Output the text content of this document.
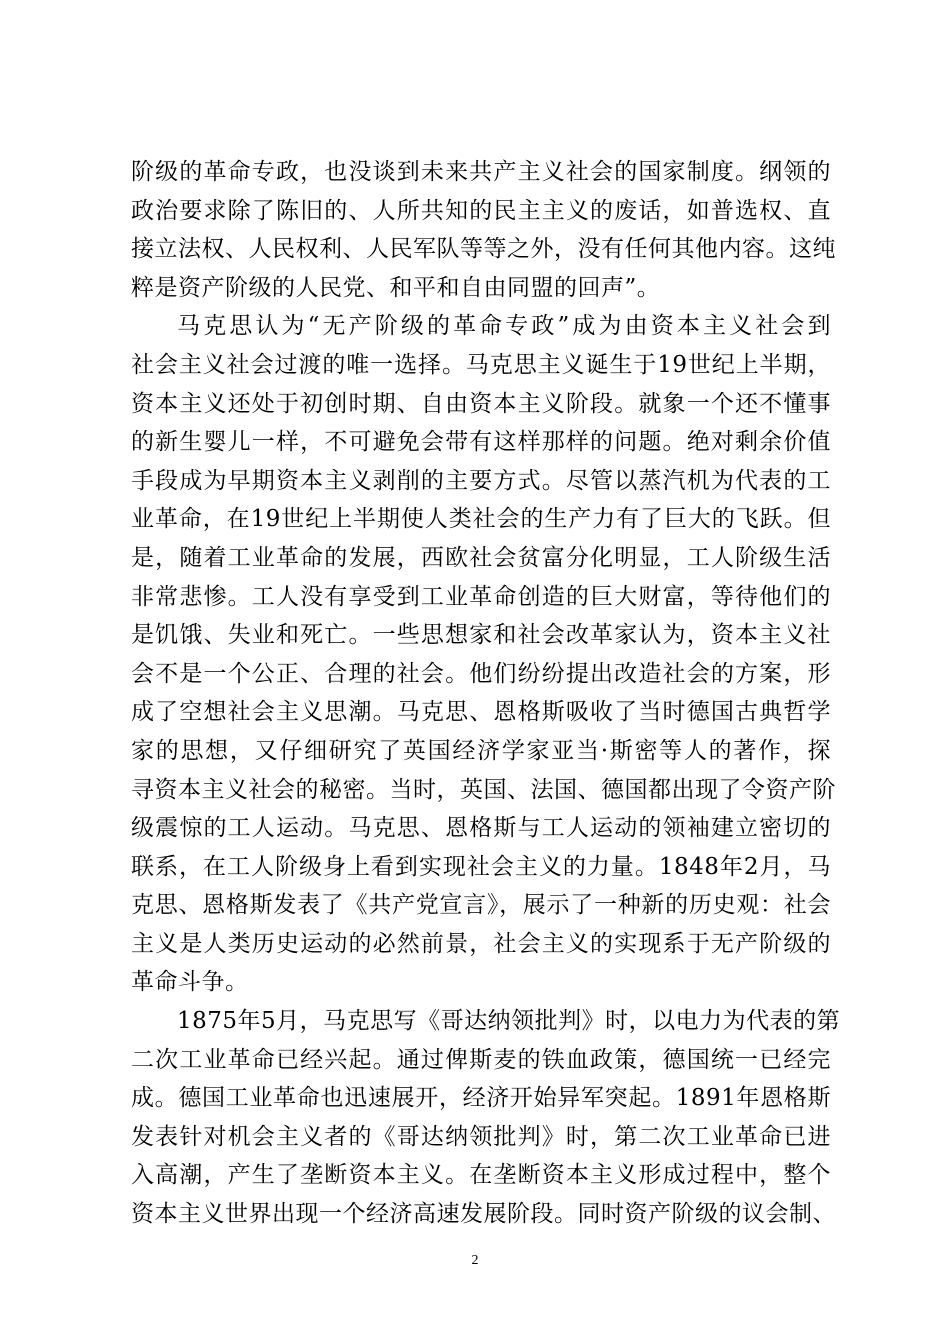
阶级的革命专政，也没谈到未来共产主义社会的国家制度。纲领的
政治要求除了陈旧的、人所共知的民主主义的废话，如普选权、直
接立法权、人民权利、人民军队等等之外，没有任何其他内容。这纯
粹是资产阶级的人民党、和平和自由同盟的回声”。
马克思认为“无产阶级的革命专政”成为由资本主义社会到
社会主义社会过渡的唯一选择。马克思主义诞生于19世纪上半期，
资本主义还处于初创时期、自由资本主义阶段。就象一个还不懂事
的新生婴儿一样，不可避免会带有这样那样的问题。绝对剩余价值
手段成为早期资本主义剥削的主要方式。尽管以蒸汽机为代表的工
业革命，在19世纪上半期使人类社会的生产力有了巨大的飞跃。但
是，随着工业革命的发展，西欧社会贫富分化明显，工人阶级生活
非常悲惨。工人没有享受到工业革命创造的巨大财富，等待他们的
是饥饿、失业和死亡。一些思想家和社会改革家认为，资本主义社
会不是一个公正、合理的社会。他们纷纷提出改造社会的方案，形
成了空想社会主义思潮。马克思、恩格斯吸收了当时德国古典哲学
家的思想，又仔细研究了英国经济学家亚当·斯密等人的著作，探
寻资本主义社会的秘密。当时，英国、法国、德国都出现了令资产阶
级震惊的工人运动。马克思、恩格斯与工人运动的领袖建立密切的
联系，在工人阶级身上看到实现社会主义的力量。1848年2月，马
克思、恩格斯发表了《共产党宣言》，展示了一种新的历史观：社会
主义是人类历史运动的必然前景，社会主义的实现系于无产阶级的
革命斗争。
1875年5月，马克思写《哥达纳领批判》时，以电力为代表的第
二次工业革命已经兴起。通过俾斯麦的铁血政策，德国统一已经完
成。德国工业革命也迅速展开，经济开始异军突起。1891年恩格斯
发表针对机会主义者的《哥达纳领批判》时，第二次工业革命已进
入高潮，产生了垄断资本主义。在垄断资本主义形成过程中，整个
资本主义世界出现一个经济高速发展阶段。同时资产阶级的议会制、
2
